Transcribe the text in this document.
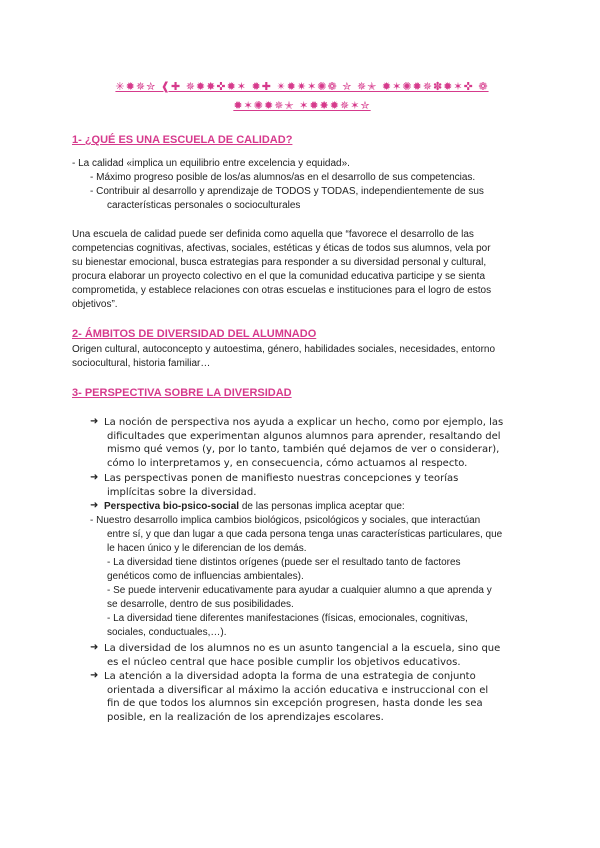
✳✹✵✮ ❰✚ ✵✹✸✜✹✶ ✹✚ ✴✹✷✶✺❁ ✮ ✵✭ ✹✶✺✹✵✽✹✶✜ ❁
✹✶✺✹✵✭ ✶✹✸✹✵✶✮
1- ¿QUÉ ES UNA ESCUELA DE CALIDAD?
- La calidad «implica un equilibrio entre excelencia y equidad».
- Máximo progreso posible de los/as alumnos/as en el desarrollo de sus competencias.
- Contribuir al desarrollo y aprendizaje de TODOS y TODAS, independientemente de sus
características personales o socioculturales
Una escuela de calidad puede ser definida como aquella que “favorece el desarrollo de las
competencias cognitivas, afectivas, sociales, estéticas y éticas de todos sus alumnos, vela por
su bienestar emocional, busca estrategias para responder a su diversidad personal y cultural,
procura elaborar un proyecto colectivo en el que la comunidad educativa participe y se sienta
comprometida, y establece relaciones con otras escuelas e instituciones para el logro de estos
objetivos”.
2- ÁMBITOS DE DIVERSIDAD DEL ALUMNADO
Origen cultural, autoconcepto y autoestima, género, habilidades sociales, necesidades, entorno
sociocultural, historia familiar…
3- PERSPECTIVA SOBRE LA DIVERSIDAD
➜ La noción de perspectiva nos ayuda a explicar un hecho, como por ejemplo, las
dificultades que experimentan algunos alumnos para aprender, resaltando del
mismo qué vemos (y, por lo tanto, también qué dejamos de ver o considerar),
cómo lo interpretamos y, en consecuencia, cómo actuamos al respecto.
➜ Las perspectivas ponen de manifiesto nuestras concepciones y teorías
implícitas sobre la diversidad.
➜ Perspectiva bio-psico-social de las personas implica aceptar que:
- Nuestro desarrollo implica cambios biológicos, psicológicos y sociales, que interactúan
entre sí, y que dan lugar a que cada persona tenga unas características particulares, que
le hacen único y le diferencian de los demás.
- La diversidad tiene distintos orígenes (puede ser el resultado tanto de factores
genéticos como de influencias ambientales).
- Se puede intervenir educativamente para ayudar a cualquier alumno a que aprenda y
se desarrolle, dentro de sus posibilidades.
- La diversidad tiene diferentes manifestaciones (físicas, emocionales, cognitivas,
sociales, conductuales,…).
➜ La diversidad de los alumnos no es un asunto tangencial a la escuela, sino que
es el núcleo central que hace posible cumplir los objetivos educativos.
➜ La atención a la diversidad adopta la forma de una estrategia de conjunto
orientada a diversificar al máximo la acción educativa e instruccional con el
fin de que todos los alumnos sin excepción progresen, hasta donde les sea
posible, en la realización de los aprendizajes escolares.
